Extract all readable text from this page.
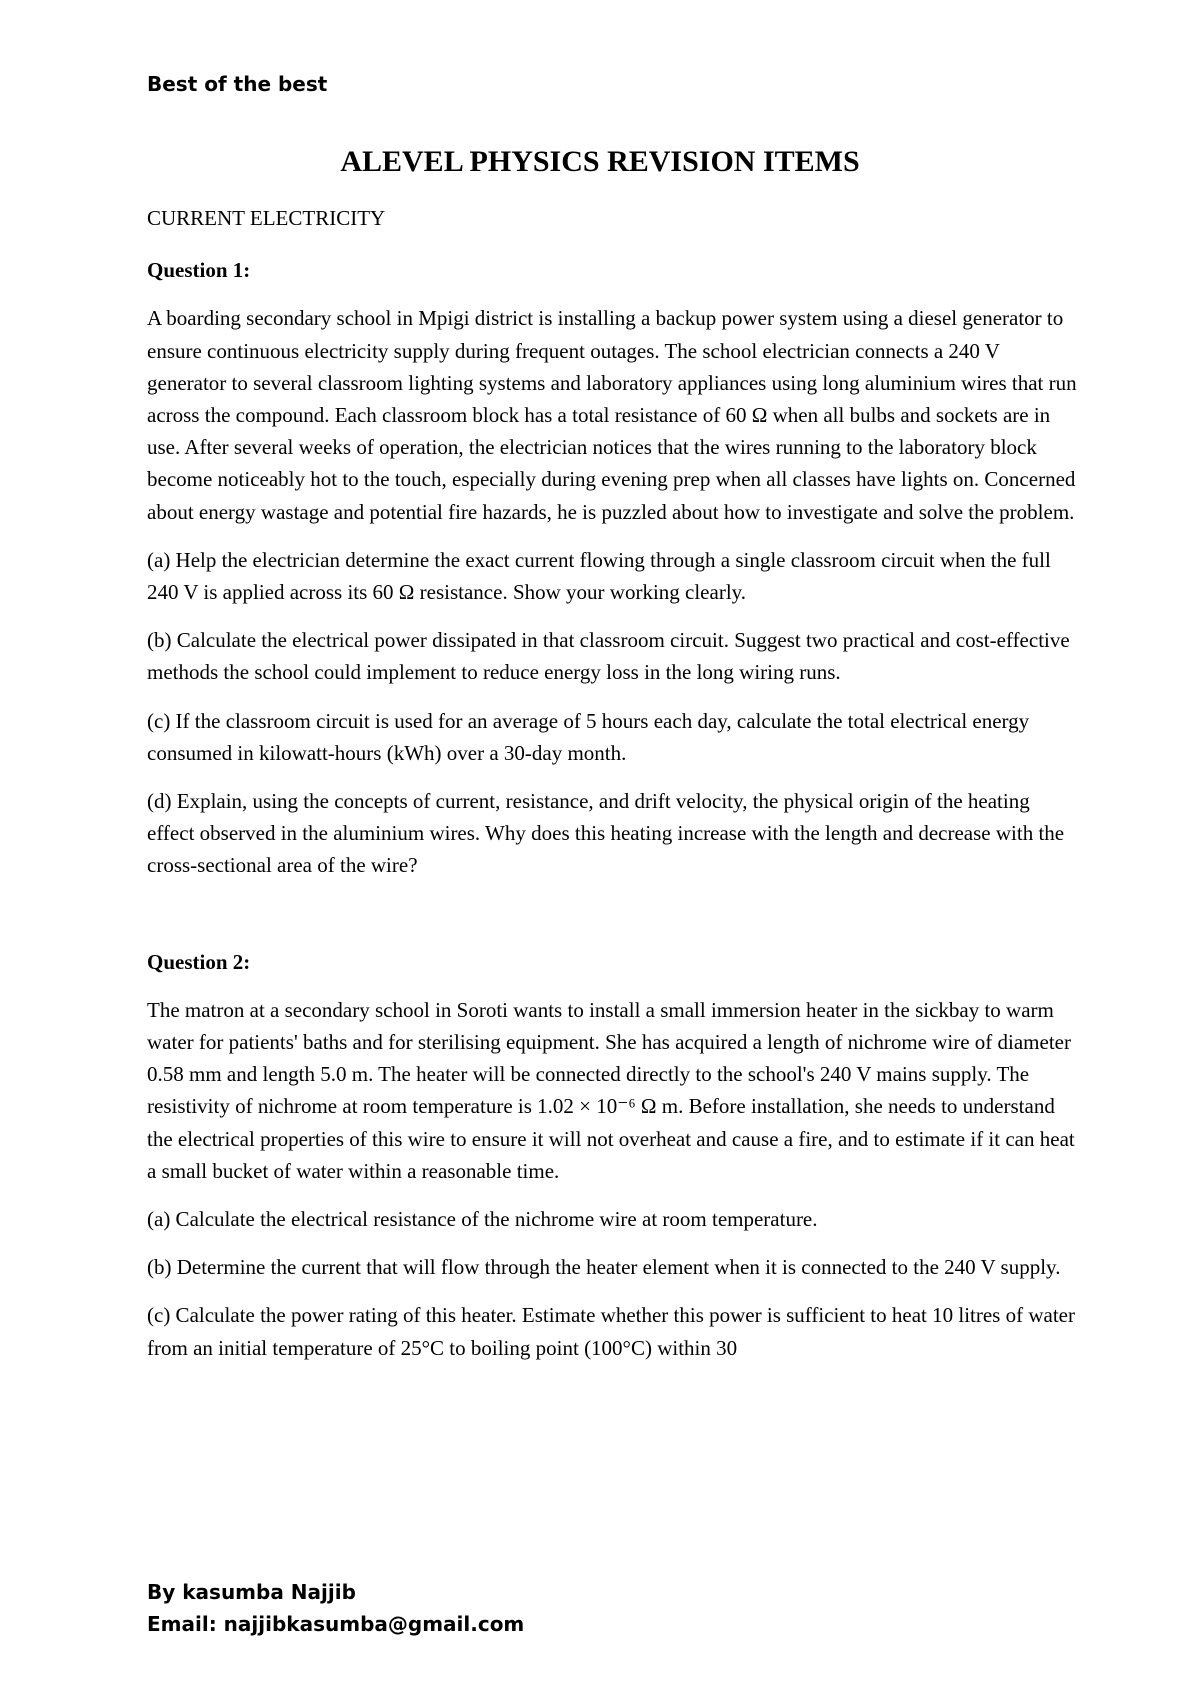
Best of the best
ALEVEL PHYSICS REVISION ITEMS

CURRENT ELECTRICITY

Question 1:

A boarding secondary school in Mpigi district is installing a backup power system using a diesel generator to ensure continuous electricity supply during frequent outages. The school electrician connects a 240 V generator to several classroom lighting systems and laboratory appliances using long aluminium wires that run across the compound. Each classroom block has a total resistance of 60 Ω when all bulbs and sockets are in use. After several weeks of operation, the electrician notices that the wires running to the laboratory block become noticeably hot to the touch, especially during evening prep when all classes have lights on. Concerned about energy wastage and potential fire hazards, he is puzzled about how to investigate and solve the problem.

(a) Help the electrician determine the exact current flowing through a single classroom circuit when the full 240 V is applied across its 60 Ω resistance. Show your working clearly.

(b) Calculate the electrical power dissipated in that classroom circuit. Suggest two practical and cost-effective methods the school could implement to reduce energy loss in the long wiring runs.

(c) If the classroom circuit is used for an average of 5 hours each day, calculate the total electrical energy consumed in kilowatt-hours (kWh) over a 30-day month.

(d) Explain, using the concepts of current, resistance, and drift velocity, the physical origin of the heating effect observed in the aluminium wires. Why does this heating increase with the length and decrease with the cross-sectional area of the wire?

Question 2:

The matron at a secondary school in Soroti wants to install a small immersion heater in the sickbay to warm water for patients' baths and for sterilising equipment. She has acquired a length of nichrome wire of diameter 0.58 mm and length 5.0 m. The heater will be connected directly to the school's 240 V mains supply. The resistivity of nichrome at room temperature is 1.02 × 10⁻⁶ Ω m. Before installation, she needs to understand the electrical properties of this wire to ensure it will not overheat and cause a fire, and to estimate if it can heat a small bucket of water within a reasonable time.

(a) Calculate the electrical resistance of the nichrome wire at room temperature.

(b) Determine the current that will flow through the heater element when it is connected to the 240 V supply.

(c) Calculate the power rating of this heater. Estimate whether this power is sufficient to heat 10 litres of water from an initial temperature of 25°C to boiling point (100°C) within 30

By kasumba Najjib
Email: najjibkasumba@gmail.com
